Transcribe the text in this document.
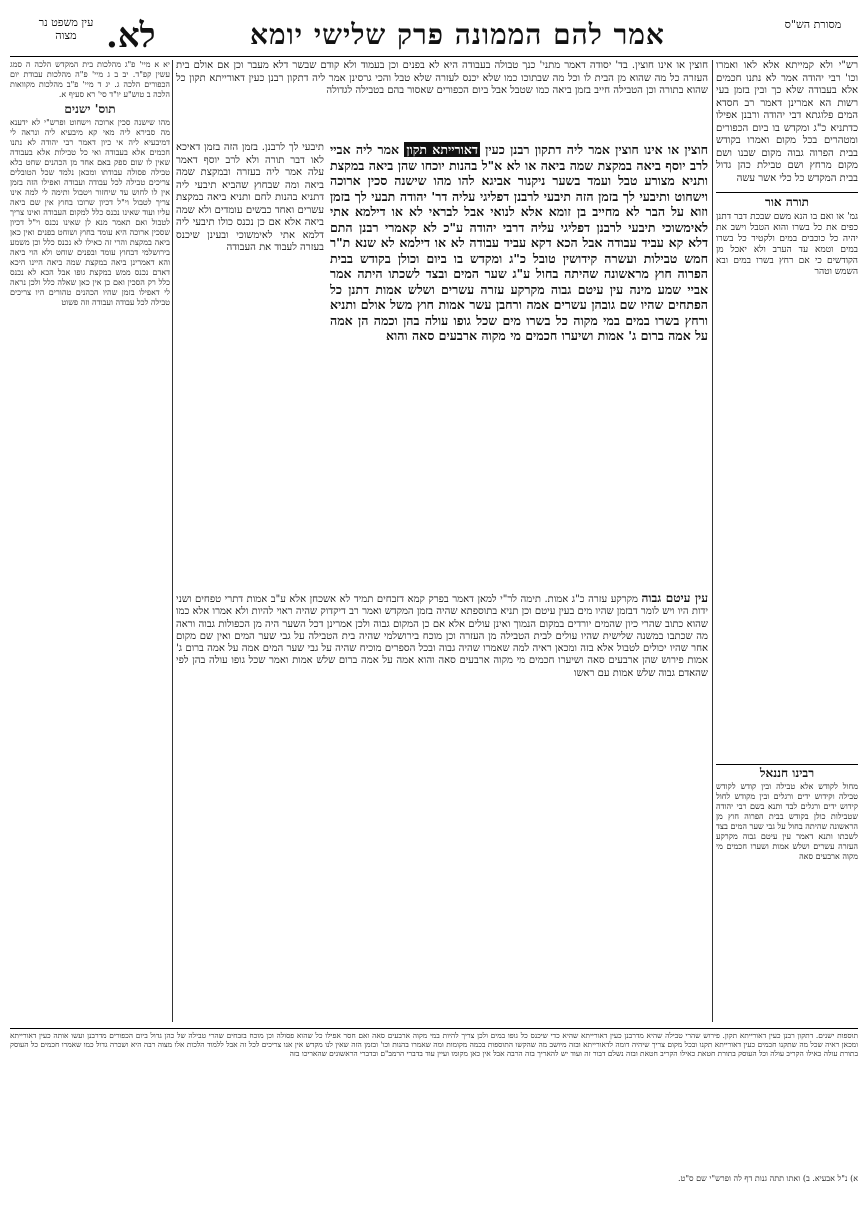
עין משפט נר מצוה לא.	אמר להם הממונה פרק שלישי יומא	מסורת הש"ס
יא א מיי' פ"ג מהלכות בית המקדש הלכה ה סמג עשין קפ"ד. יב ב ג מיי' פ"ה מהלכות עבודת יום הכפורים הלכה ג. יג ד מיי' פ"ב מהלכות מקוואות הלכה ב טוש"ע יו"ד סי' רא סעיף א.
תוס' ישנים
מהו שישנה סכין ארוכה וישחוט ופרש"י לא ידענא מה סבירא ליה מאי קא מיבעיא ליה ונראה לי דמיבעיא ליה אי כיון דאמר רבי יהודה לא נתנו חכמים אלא בעבודה ואי כל טבילות אלא בעבודה שאין לו שום ספק באם אחד מן הכהנים שחט בלא טבילה פסולה עבודתו ומכאן נלמד שכל הטובלים צריכים טבילה לכל עבודה ועבודה ואפילו הזה בזמן אין לו לחוש עד שיחזור ויטבול ותימה לי למה אינו צריך לטבול וי"ל דכיון שרובו בחוץ אין שם ביאה עליו ועוד שאינו נכנס כלל למקום העבודה ואינו צריך לטבול ואם תאמר מנא לן שאינו נכנס וי"ל דכיון שסכין ארוכה היא עומד בחוץ ושוחט בפנים ואין כאן ביאה במקצת והרי זה כאילו לא נכנס כלל וכן משמע בירושלמי דבחוץ עומד ובפנים שוחט ולא הוי ביאה והא דאמרינן ביאה במקצת שמה ביאה היינו היכא דאדם נכנס ממש במקצת גופו אבל הכא לא נכנס כלל רק הסכין ואם כן אין כאן שאלה כלל ולכן נראה לי דאפילו בזמן שהיו הכהנים טהורים היו צריכים טבילה לכל עבודה ועבודה וזה פשוט
חוצין או אינו חוצין. בד' יסודה דאמר מתני' כנך טבולה בעבודה היא לא בפנים וכן בעמוד ולא קודם שבשר דלא מעבר וכן אם אולם בית העזרה כל מה שהוא מן הבית לו וכל מה שבתוכו כמו שלא יכנס לעזרה שלא טבל והכי גרסינן אמר ליה דתקון רבנן כעין דאורייתא תקון כל שהוא בתורה וכן הטבילה חייב בזמן ביאה כמו שטבל אבל ביום הכפורים שאסור בהם בטבילה לגדולה
תיבעי לך לרבנן. בזמן הזה בזמן דאיכא לאו דבר תורה ולא לרב יוסף דאמר עלה אמר ליה בעזרה ובמקצת שמה ביאה ומה שבחוץ שהביא תיבעי ליה דתניא בהנות לחם ותניא ביאה במקצת עשרים ואחד כבשים עומדים ולא שמה ביאה אלא אם כן נכנס כולו תיבעי ליה דלמא אתי לאימשוכי ובעינן שיכנס בעזרה לעבוד את העבודה
חוצין או אינו חוצין אמר ליה דתקון רבנן כעין דאורייתא תקון אמר ליה אביי לרב יוסף ביאה במקצת שמה ביאה או לא א"ל בהנות יוכחו שהן ביאה במקצת ותניא מצורע טבל ועמד בשער ניקנור אביגא להו מהו שישנה סכין ארוכה וישחוט ותיבעי לך בזמן הזה תיבעי לרבנן דפליגי עליה דר' יהודה תבעי לך בזמן וזוא על הבר לא מחייב בן זומא אלא לנואי אבל לבראי לא או דילמא אתי לאימשוכי תיבעי לרבנן דפליגי עליה דרבי יהודה ע"כ לא קאמרי רבנן התם דלא קא עביד עבודה אבל הכא דקא עביד עבודה לא או דילמא לא שנא ת"ר חמש טבילות ועשרה קידושין טובל כ"ג ומקדש בו ביום וכולן בקודש בבית הפרוה חוץ מראשונה שהיתה בחול ע"ג שער המים ובצד לשכתו היתה אמר אביי שמע מינה עין עיטם גבוה מקרקע עזרה עשרים ושלש אמות דתנן כל הפתחים שהיו שם גובהן עשרים אמה ורחבן עשר אמות חוץ משל אולם ותניא ורחץ בשרו במים במי מקוה כל בשרו מים שכל גופו עולה בהן וכמה הן אמה על אמה ברום ג' אמות ושיערו חכמים מי מקוה ארבעים סאה והוא
רש"י ולא קמייתא אלא לאו ואמרו וכו' רבי יהודה אמר לא נתנו חכמים אלא בעבודה שלא כך ובין בזמן בעי רשות הא אמרינן דאמר רב חסדא המים פלוגתא דבי יהודה ורבנן אפילו כדתניא כ"ג ומקדש בו ביום הכפורים ומטהרים בכל מקום ואמרו בקודש בבית הפרוה גבוה מקום שבנו ושם מקום מרחץ ושם טבילת כהן גדול בבית המקדש כל כלי אשר עשה
תורה אור
גמ' או ואם בו הנא משם שבכת דבר דתנן כפים את כל בשרו והוא הטבל וישב את יהיה כל כוכבים במים ולקטיר כל בשרו במים וטמא עד הערב ולא יאכל מן הקודשים כי אם רחץ בשרו במים ובא השמש וטהר
עין עיטם גבוה מקרקע עזרה כ"ג אמות. תימה לר"י למאן דאמר בפרק קמא דזבחים תמיד לא אשכחן אלא ע"ב אמות דתרי טפחים ושני ידות היו ויש לומר דבזמן שהיו מים בעין עיטם וכן תניא בתוספתא שהיה בזמן המקדש ואמר רב דיקדוק שהיה ראוי להיות ולא אמרו אלא כמו שהוא כתוב שהרי כיון שהמים יורדים במקום הנמוך ואינן עולים אלא אם כן המקום גבוה ולכן אמרינן דכל השער היה מן הכפולות גבוה וראה מה שכתבו במשנה שלישית שהיו עולים לבית הטבילה מן העזרה וכן מוכח בירושלמי שהיה בית הטבילה על גבי שער המים ואין שם מקום אחר שהיו יכולים לטבול אלא בזה ומכאן ראיה למה שאמרו שהיה גבוה ובכל הספרים מוכיח שהיה על גבי שער המים אמה על אמה ברום ג' אמות פירוש שהן ארבעים סאה ושיערו חכמים מי מקוה ארבעים סאה והוא אמה על אמה ברום שלש אמות ואמר שכל גופו עולה בהן לפי שהאדם גבוה שלש אמות עם ראשו
רבינו חננאל
מחול לקודש אלא טבילה ובין קודש לקודש טבילה וקידוש ידים ורגלים ובין מקודש לחול קידוש ידים ורגלים לבד ותנא בשם רבי יהודה שטבילות כולן בקודש בבית הפרוה חוץ מן הראשונה שהיתה בחול על גבי שער המים בצד לשכתו ותנא דאמר עין עיטם גבוה מקרקע העזרה עשרים ושלש אמות ושערו חכמים מי מקוה ארבעים סאה
תוספות ישנים. דתקון רבנן כעין דאורייתא תקון. פירוש שהרי טבילה שהיא מדרבנן כעין דאורייתא שהיא כדי שיכנס כל גופו במים ולכן צריך להיות במי מקוה ארבעים סאה ואם חסר אפילו כל שהוא פסולה וכן מוכח בזבחים שהרי טבילה של כהן גדול ביום הכפורים מדרבנן ועשו אותה כעין דאורייתא ומכאן ראיה שכל מה שתקנו חכמים כעין דאורייתא תקנו ובכל מקום צריך שיהיה דומה לדאורייתא ובזה מיושב מה שהקשו התוספות בכמה מקומות ומה שאמרו בהנות וכו' ובזמן הזה שאין לנו מקדש אין אנו צריכים לכל זה אבל ללמוד הלכות אלו מצוה רבה היא ושכרה גדול כמו שאמרו חכמים כל העוסק בתורת עולה כאילו הקריב עולה וכל העוסק בתורת חטאת כאילו הקריב חטאת ובזה נשלם דבור זה ועוד יש להאריך בזה הרבה אבל אין כאן מקומו ועיין עוד בדברי הרמב"ם ובדברי הראשונים שהאריכו בזה
א) נ"ל אבעיא. ב) ואתו תתה גנות דף לה ופרש"י שם ס"ט.
